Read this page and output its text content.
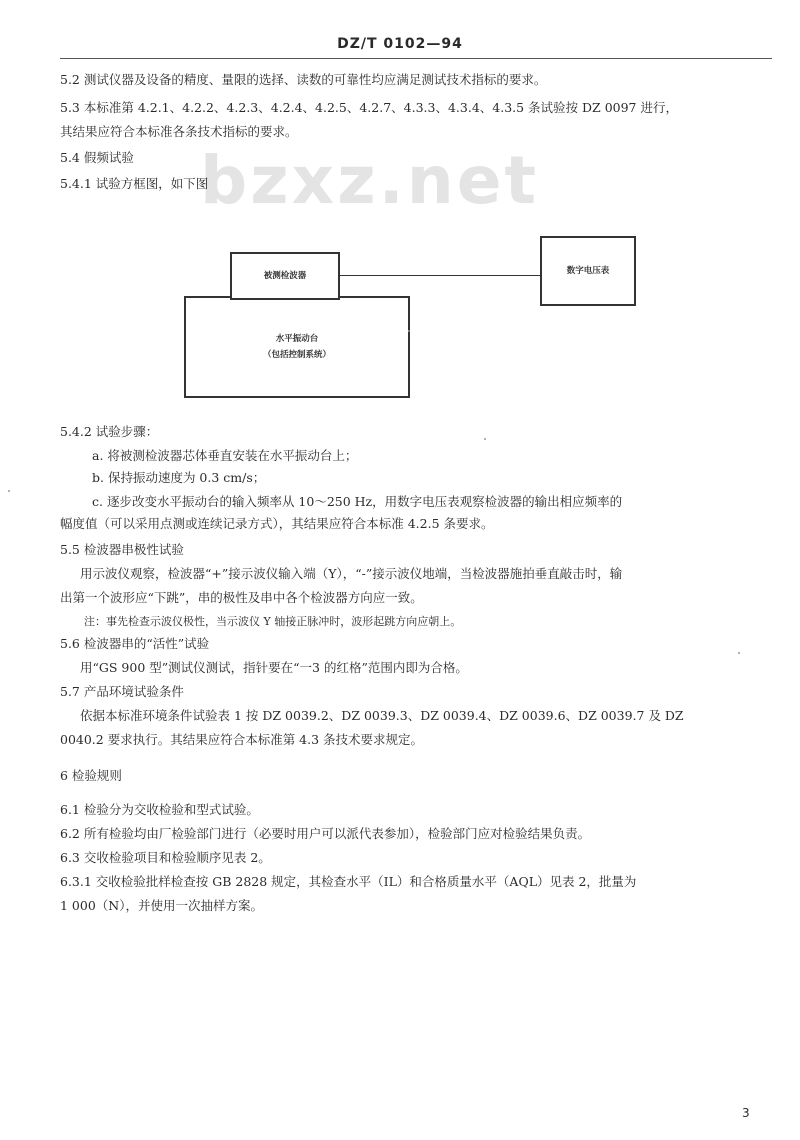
DZ/T 0102—94
bzxz.net
5.2 测试仪器及设备的精度、量限的选择、读数的可靠性均应满足测试技术指标的要求。
5.3 本标准第 4.2.1、4.2.2、4.2.3、4.2.4、4.2.5、4.2.7、4.3.3、4.3.4、4.3.5 条试验按 DZ 0097 进行，
其结果应符合本标准各条技术指标的要求。
5.4 假频试验
5.4.1 试验方框图，如下图
水平振动台
（包括控制系统）
被测检波器	数字电压表
5.4.2 试验步骤：
a. 将被测检波器芯体垂直安装在水平振动台上；
b. 保持振动速度为 0.3 cm/s；
c. 逐步改变水平振动台的输入频率从 10～250 Hz，用数字电压表观察检波器的输出相应频率的
幅度值（可以采用点测或连续记录方式），其结果应符合本标准 4.2.5 条要求。
5.5 检波器串极性试验
用示波仪观察，检波器“+”接示波仪输入端（Y），“-”接示波仪地端，当检波器施拍垂直敲击时，输
出第一个波形应“下跳”，串的极性及串中各个检波器方向应一致。
注：事先检查示波仪极性，当示波仪 Y 轴接正脉冲时，波形起跳方向应朝上。
5.6 检波器串的“活性”试验
用“GS 900 型”测试仪测试，指针要在“一3 的红格”范围内即为合格。
5.7 产品环境试验条件
依据本标准环境条件试验表 1 按 DZ 0039.2、DZ 0039.3、DZ 0039.4、DZ 0039.6、DZ 0039.7 及 DZ
0040.2 要求执行。其结果应符合本标准第 4.3 条技术要求规定。
6 检验规则
6.1 检验分为交收检验和型式试验。
6.2 所有检验均由厂检验部门进行（必要时用户可以派代表参加），检验部门应对检验结果负责。
6.3 交收检验项目和检验顺序见表 2。
6.3.1 交收检验批样检查按 GB 2828 规定，其检查水平（IL）和合格质量水平（AQL）见表 2，批量为
1 000（N），并使用一次抽样方案。
3
